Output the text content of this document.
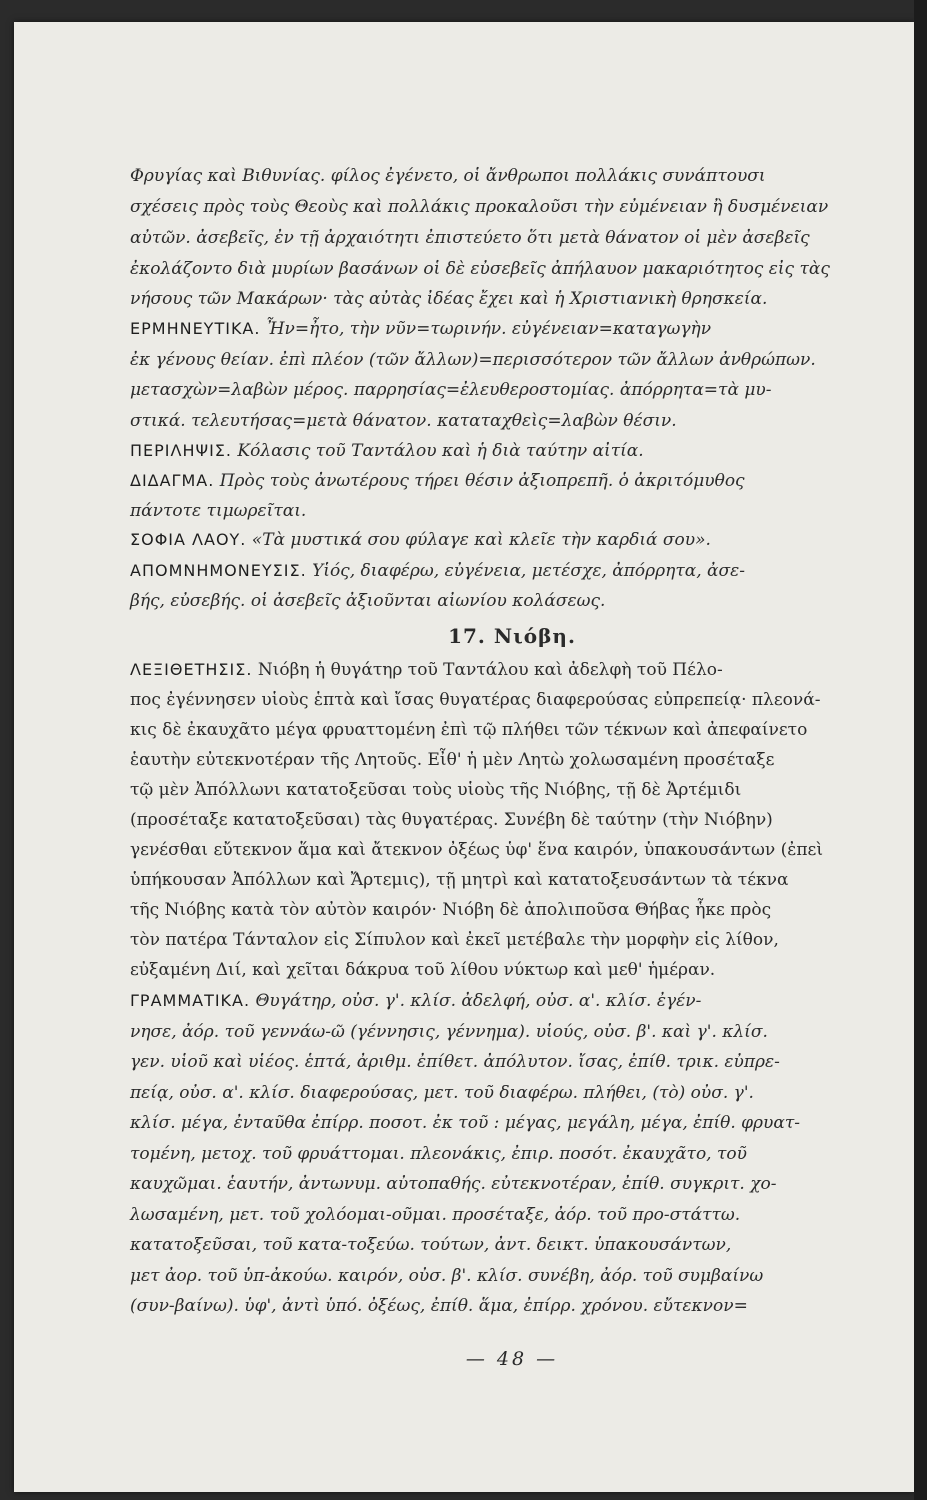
Φρυγίας καὶ Βιθυνίας. φίλος ἐγένετο, οἱ ἄνθρωποι πολλάκις συνάπτουσι
σχέσεις πρὸς τοὺς Θεοὺς καὶ πολλάκις προκαλοῦσι τὴν εὐμένειαν ἢ δυσμένειαν
αὐτῶν. ἀσεβεῖς, ἐν τῇ ἀρχαιότητι ἐπιστεύετο ὅτι μετὰ θάνατον οἱ μὲν ἀσεβεῖς
ἐκολάζοντο διὰ μυρίων βασάνων οἱ δὲ εὐσεβεῖς ἀπήλαυον μακαριότητος εἰς τὰς
νήσους τῶν Μακάρων· τὰς αὐτὰς ἰδέας ἔχει καὶ ἡ Χριστιανικὴ θρησκεία.
ΕΡΜΗΝΕΥΤΙΚΑ. Ἦν=ἦτο, τὴν νῦν=τωρινήν. εὐγένειαν=καταγωγὴν
ἐκ γένους θείαν. ἐπὶ πλέον (τῶν ἄλλων)=περισσότερον τῶν ἄλλων ἀνθρώπων.
μετασχὼν=λαβὼν μέρος. παρρησίας=ἐλευθεροστομίας. ἀπόρρητα=τὰ μυ-
στικά. τελευτήσας=μετὰ θάνατον. καταταχθεὶς=λαβὼν θέσιν.
ΠΕΡΙΛΗΨΙΣ. Κόλασις τοῦ Ταντάλου καὶ ἡ διὰ ταύτην αἰτία.
ΔΙΔΑΓΜΑ. Πρὸς τοὺς ἀνωτέρους τήρει θέσιν ἀξιοπρεπῆ. ὁ ἀκριτόμυθος
πάντοτε τιμωρεῖται.
ΣΟΦΙΑ ΛΑΟΥ. «Τὰ μυστικά σου φύλαγε καὶ κλεῖε τὴν καρδιά σου».
ΑΠΟΜΝΗΜΟΝΕΥΣΙΣ. Υἱός, διαφέρω, εὐγένεια, μετέσχε, ἀπόρρητα, ἀσε-
βής, εὐσεβής. οἱ ἀσεβεῖς ἀξιοῦνται αἰωνίου κολάσεως.
17. Νιόβη.
ΛΕΞΙΘΕΤΗΣΙΣ. Νιόβη ἡ θυγάτηρ τοῦ Ταντάλου καὶ ἀδελφὴ τοῦ Πέλο-
πος ἐγέννησεν υἱοὺς ἑπτὰ καὶ ἴσας θυγατέρας διαφερούσας εὐπρεπείᾳ· πλεονά-
κις δὲ ἐκαυχᾶτο μέγα φρυαττομένη ἐπὶ τῷ πλήθει τῶν τέκνων καὶ ἀπεφαίνετο
ἑαυτὴν εὐτεκνοτέραν τῆς Λητοῦς. Εἶθ' ἡ μὲν Λητὼ χολωσαμένη προσέταξε
τῷ μὲν Ἀπόλλωνι κατατοξεῦσαι τοὺς υἱοὺς τῆς Νιόβης, τῇ δὲ Ἀρτέμιδι
(προσέταξε κατατοξεῦσαι) τὰς θυγατέρας. Συνέβη δὲ ταύτην (τὴν Νιόβην)
γενέσθαι εὔτεκνον ἅμα καὶ ἄτεκνον ὀξέως ὑφ' ἕνα καιρόν, ὑπακουσάντων (ἐπεὶ
ὑπήκουσαν Ἀπόλλων καὶ Ἄρτεμις), τῇ μητρὶ καὶ κατατοξευσάντων τὰ τέκνα
τῆς Νιόβης κατὰ τὸν αὐτὸν καιρόν· Νιόβη δὲ ἀπολιποῦσα Θήβας ἧκε πρὸς
τὸν πατέρα Τάνταλον εἰς Σίπυλον καὶ ἐκεῖ μετέβαλε τὴν μορφὴν εἰς λίθον,
εὐξαμένη Διί, καὶ χεῖται δάκρυα τοῦ λίθου νύκτωρ καὶ μεθ' ἡμέραν.
ΓΡΑΜΜΑΤΙΚΑ. Θυγάτηρ, οὐσ. γ'. κλίσ. ἀδελφή, οὐσ. α'. κλίσ. ἐγέν-
νησε, ἀόρ. τοῦ γεννάω-ῶ (γέννησις, γέννημα). υἱούς, οὐσ. β'. καὶ γ'. κλίσ.
γεν. υἱοῦ καὶ υἱέος. ἑπτά, ἀριθμ. ἐπίθετ. ἀπόλυτον. ἴσας, ἐπίθ. τρικ. εὐπρε-
πείᾳ, οὐσ. α'. κλίσ. διαφερούσας, μετ. τοῦ διαφέρω. πλήθει, (τὸ) οὐσ. γ'.
κλίσ. μέγα, ἐνταῦθα ἐπίρρ. ποσοτ. ἐκ τοῦ : μέγας, μεγάλη, μέγα, ἐπίθ. φρυατ-
τομένη, μετοχ. τοῦ φρυάττομαι. πλεονάκις, ἐπιρ. ποσότ. ἐκαυχᾶτο, τοῦ
καυχῶμαι. ἑαυτήν, ἀντωνυμ. αὐτοπαθής. εὐτεκνοτέραν, ἐπίθ. συγκριτ. χο-
λωσαμένη, μετ. τοῦ χολόομαι-οῦμαι. προσέταξε, ἀόρ. τοῦ προ-στάττω.
κατατοξεῦσαι, τοῦ κατα-τοξεύω. τούτων, ἀντ. δεικτ. ὑπακουσάντων,
μετ ἀορ. τοῦ ὑπ-ἀκούω. καιρόν, οὐσ. β'. κλίσ. συνέβη, ἀόρ. τοῦ συμβαίνω
(συν-βαίνω). ὑφ', ἀντὶ ὑπό. ὀξέως, ἐπίθ. ἅμα, ἐπίρρ. χρόνου. εὔτεκνον=
— 48 —
